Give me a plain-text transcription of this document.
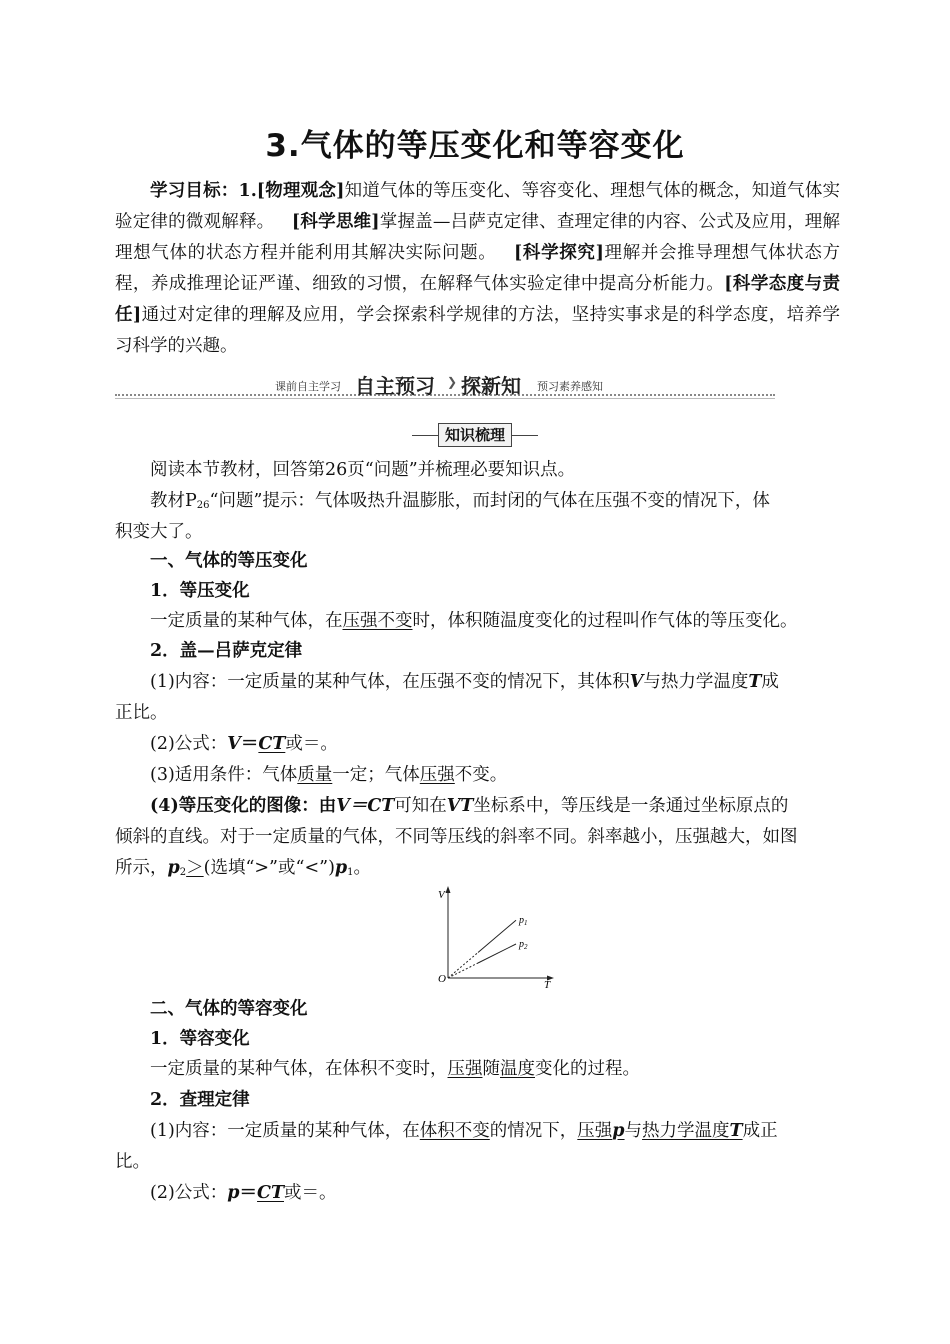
3.气体的等压变化和等容变化
学习目标：1.[物理观念]知道气体的等压变化、等容变化、理想气体的概念，知道气体实验定律的微观解释。  [科学思维]掌握盖—吕萨克定律、查理定律的内容、公式及应用，理解理想气体的状态方程并能利用其解决实际问题。  [科学探究]理解并会推导理想气体状态方程，养成推理论证严谨、细致的习惯，在解释气体实验定律中提高分析能力。[科学态度与责任]通过对定律的理解及应用，学会探索科学规律的方法，坚持实事求是的科学态度，培养学习科学的兴趣。
课前自主学习 自主预习 ❯ 探新知 预习素养感知
知识梳理
阅读本节教材，回答第26页“问题”并梳理必要知识点。
教材$P_{26}“$问题”提示：气体吸热升温膨胀，而封闭的气体在压强不变的情况下，体
积变大了。
一、气体的等压变化
1．等压变化
一定质量的某种气体，在压强不变时，体积随温度变化的过程叫作气体的等压变化。
2．盖—吕萨克定律
(1)内容：一定质量的某种气体，在压强不变的情况下，其体积V与热力学温度T成
正比。
(2)公式：V＝CT或＝。
(3)适用条件：气体质量一定；气体压强不变。
(4)等压变化的图像：由V＝CT可知在VT坐标系中，等压线是一条通过坐标原点的
倾斜的直线。对于一定质量的气体，不同等压线的斜率不同。斜率越小，压强越大，如图
所示，$p_2>$(选填“>”或“$<”)p_1$。
V
T
O
$p_1$
$p_2$
二、气体的等容变化
1．等容变化
一定质量的某种气体，在体积不变时，压强随温度变化的过程。
2．查理定律
(1)内容：一定质量的某种气体，在体积不变的情况下，压强p与热力学温度T成正
比。
(2)公式：p＝CT或＝。
